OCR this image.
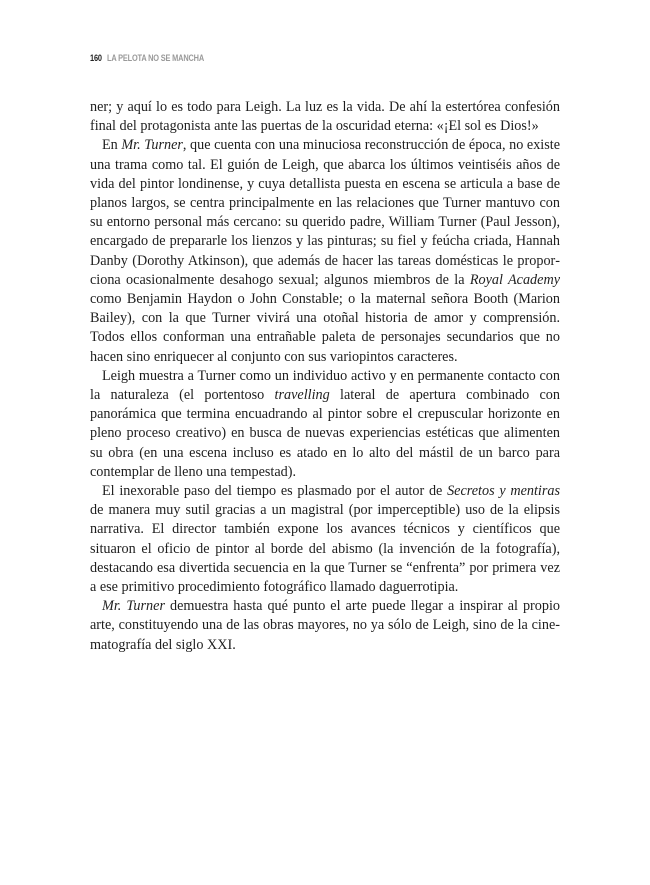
160 LA PELOTA NO SE MANCHA

ner; y aquí lo es todo para Leigh. La luz es la vida. De ahí la estertórea confesión final del protagonista ante las puertas de la oscuridad eterna: «¡El sol es Dios!»

En Mr. Turner, que cuenta con una minuciosa reconstrucción de época, no existe una trama como tal. El guión de Leigh, que abarca los últimos veintiséis años de vida del pintor londinense, y cuya detallista puesta en escena se articula a base de planos largos, se centra principalmente en las relaciones que Turner mantuvo con su entorno personal más cercano: su querido padre, William Turner (Paul Jesson), encargado de prepararle los lienzos y las pinturas; su fiel y feúcha criada, Hannah Danby (Dorothy Atkinson), que además de hacer las tareas domésticas le proporciona ocasionalmente desahogo sexual; algunos miembros de la Royal Academy como Benjamin Haydon o John Constable; o la maternal señora Booth (Marion Bailey), con la que Turner vivirá una otoñal historia de amor y comprensión. Todos ellos conforman una entrañable paleta de personajes secundarios que no hacen sino enriquecer al conjunto con sus variopintos caracteres.

Leigh muestra a Turner como un individuo activo y en permanente contacto con la naturaleza (el portentoso travelling lateral de apertura combinado con panorámica que termina encuadrando al pintor sobre el crepuscular horizonte en pleno proceso creativo) en busca de nuevas experiencias estéticas que alimenten su obra (en una escena incluso es atado en lo alto del mástil de un barco para contemplar de lleno una tempestad).

El inexorable paso del tiempo es plasmado por el autor de Secretos y mentiras de manera muy sutil gracias a un magistral (por imperceptible) uso de la elipsis narrativa. El director también expone los avances técnicos y científicos que situaron el oficio de pintor al borde del abismo (la invención de la fotografía), destacando esa divertida secuencia en la que Turner se “enfrenta” por primera vez a ese primitivo procedimiento fotográfico llamado daguerrotipia.

Mr. Turner demuestra hasta qué punto el arte puede llegar a inspirar al propio arte, constituyendo una de las obras mayores, no ya sólo de Leigh, sino de la cinematografía del siglo XXI.
